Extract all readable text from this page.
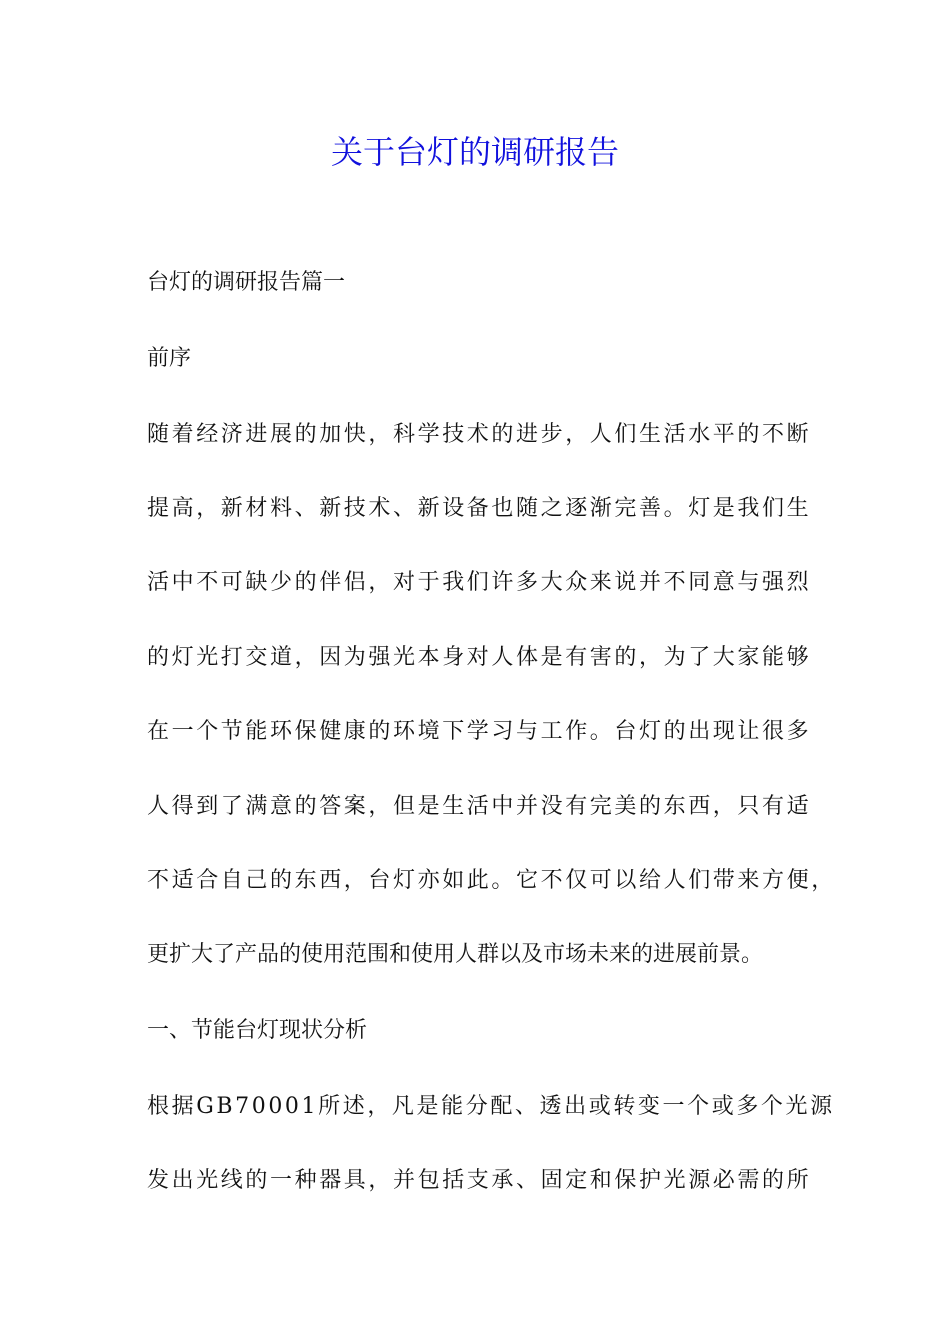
关于台灯的调研报告

台灯的调研报告篇一

前序

随着经济进展的加快，科学技术的进步，人们生活水平的不断

提高，新材料、新技术、新设备也随之逐渐完善。灯是我们生

活中不可缺少的伴侣，对于我们许多大众来说并不同意与强烈

的灯光打交道，因为强光本身对人体是有害的，为了大家能够

在一个节能环保健康的环境下学习与工作。台灯的出现让很多

人得到了满意的答案，但是生活中并没有完美的东西，只有适

不适合自己的东西，台灯亦如此。它不仅可以给人们带来方便，

更扩大了产品的使用范围和使用人群以及市场未来的进展前景。

一、节能台灯现状分析

根据GB70001所述，凡是能分配、透出或转变一个或多个光源

发出光线的一种器具，并包括支承、固定和保护光源必需的所
